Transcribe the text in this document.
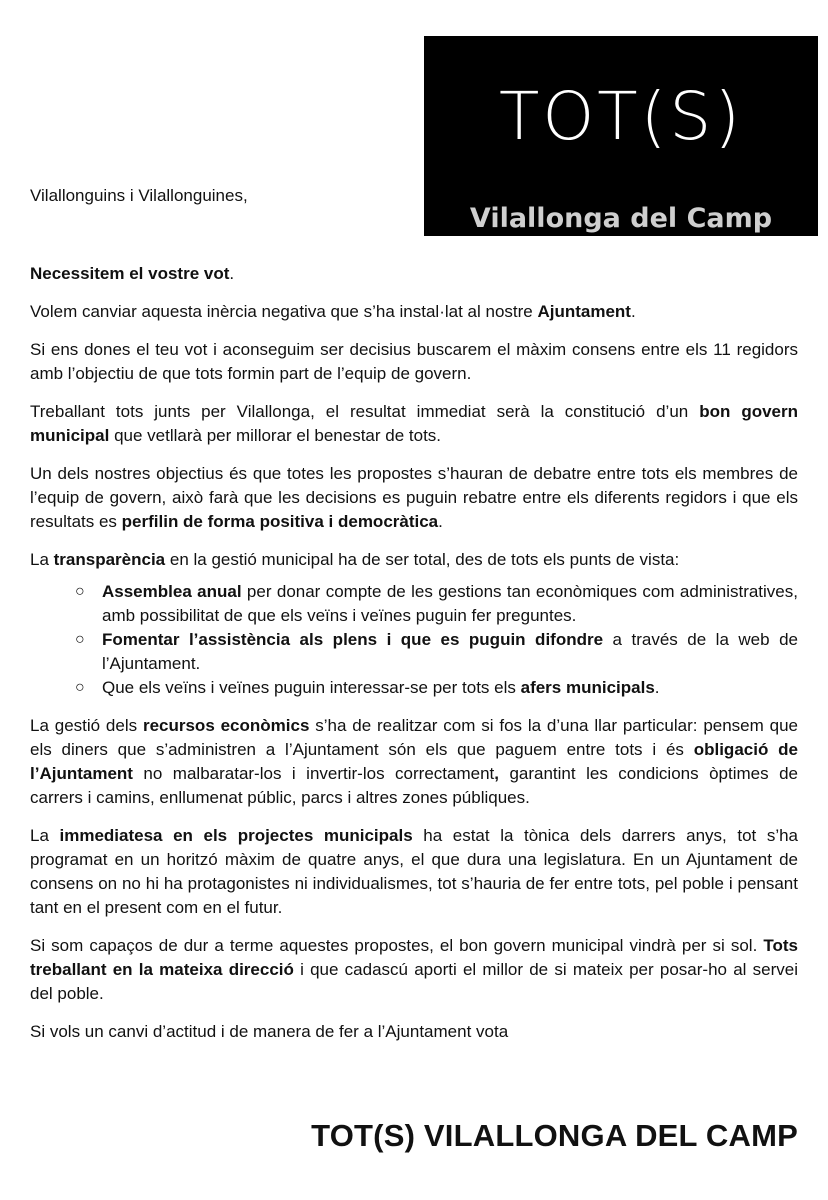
TOT(S)
Vilallonga del Camp
Vilallonguins i Vilallonguines,

Necessitem el vostre vot.

Volem canviar aquesta inèrcia negativa que s’ha instal·lat al nostre Ajuntament.

Si ens dones el teu vot i aconseguim ser decisius buscarem el màxim consens entre els 11 regidors amb l’objectiu de que tots formin part de l’equip de govern.

Treballant tots junts per Vilallonga, el resultat immediat serà la constitució d’un bon govern municipal que vetllarà per millorar el benestar de tots.

Un dels nostres objectius és que totes les propostes s’hauran de debatre entre tots els membres de l’equip de govern, això farà que les decisions es puguin rebatre entre els diferents regidors i que els resultats es perfilin de forma positiva i democràtica.

La transparència en la gestió municipal ha de ser total, des de tots els punts de vista:

○ Assemblea anual per donar compte de les gestions tan econòmiques com administratives, amb possibilitat de que els veïns i veïnes puguin fer preguntes.
○ Fomentar l’assistència als plens i que es puguin difondre a través de la web de l’Ajuntament.
○ Que els veïns i veïnes puguin interessar-se per tots els afers municipals.

La gestió dels recursos econòmics s’ha de realitzar com si fos la d’una llar particular: pensem que els diners que s’administren a l’Ajuntament són els que paguem entre tots i és obligació de l’Ajuntament no malbaratar-los i invertir-los correctament, garantint les condicions òptimes de carrers i camins, enllumenat públic, parcs i altres zones públiques.

La immediatesa en els projectes municipals ha estat la tònica dels darrers anys, tot s’ha programat en un horitzó màxim de quatre anys, el que dura una legislatura. En un Ajuntament de consens on no hi ha protagonistes ni individualismes, tot s’hauria de fer entre tots, pel poble i pensant tant en el present com en el futur.

Si som capaços de dur a terme aquestes propostes, el bon govern municipal vindrà per si sol. Tots treballant en la mateixa direcció i que cadascú aporti el millor de si mateix per posar-ho al servei del poble.

Si vols un canvi d’actitud i de manera de fer a l’Ajuntament vota

TOT(S) VILALLONGA DEL CAMP
